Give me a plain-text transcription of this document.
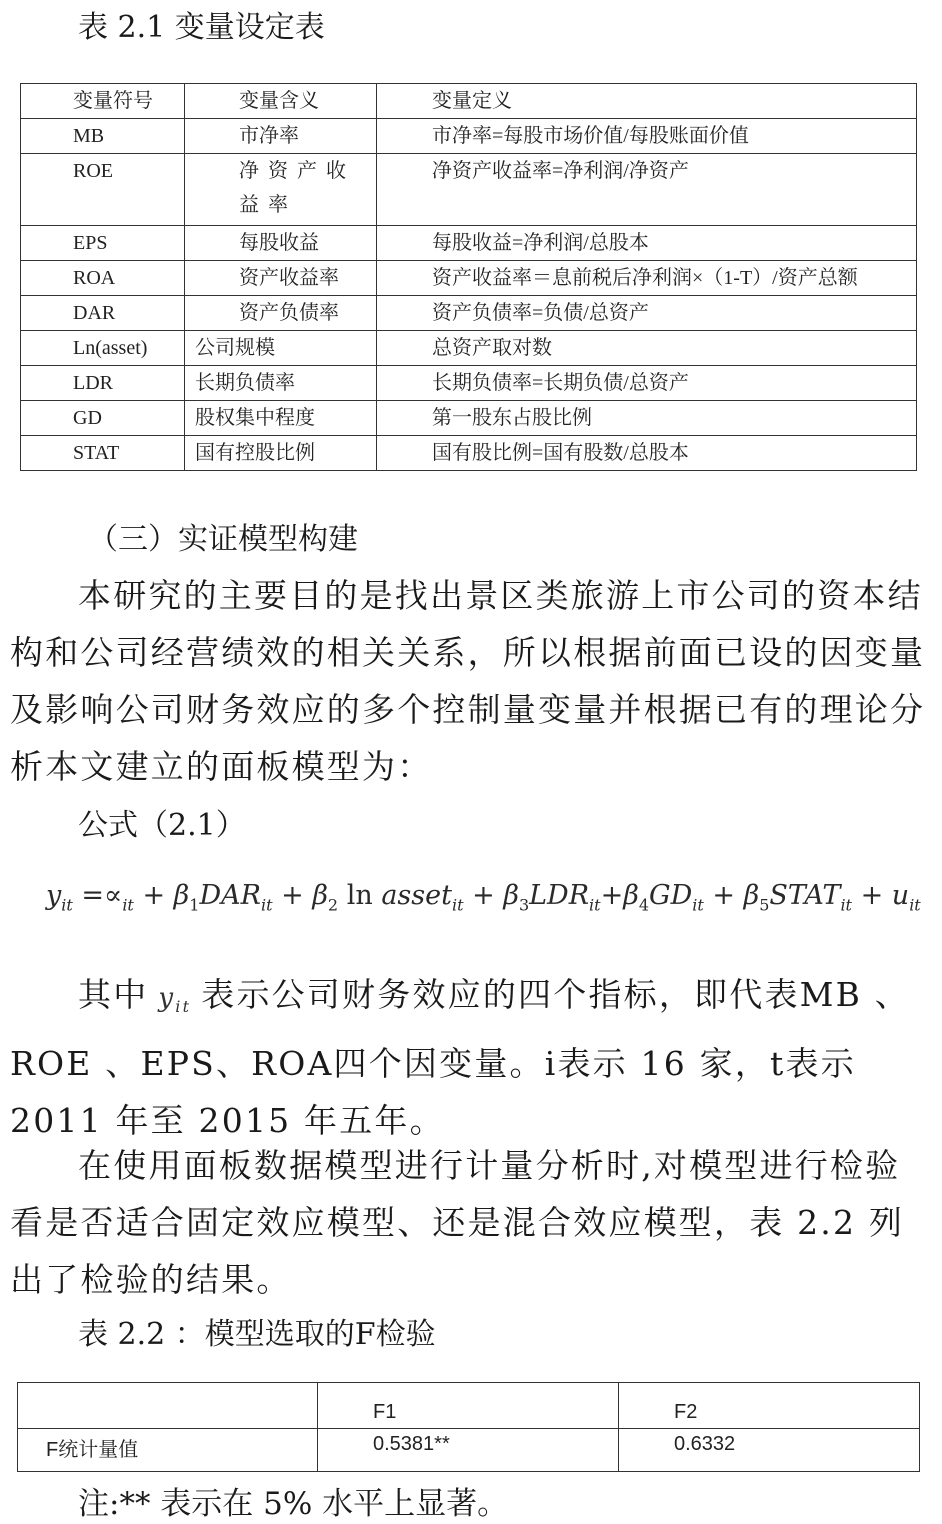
表 2.1 变量设定表
变量符号	变量含义	变量定义
MB	市净率	市净率=每股市场价值/每股账面价值
ROE	净资产收益率	净资产收益率=净利润/净资产
EPS	每股收益	每股收益=净利润/总股本
ROA	资产收益率	资产收益率＝息前税后净利润×（1-T）/资产总额
DAR	资产负债率	资产负债率=负债/总资产
Ln(asset)	公司规模	总资产取对数
LDR	长期负债率	长期负债率=长期负债/总资产
GD	股权集中程度	第一股东占股比例
STAT	国有控股比例	国有股比例=国有股数/总股本
（三）实证模型构建
本研究的主要目的是找出景区类旅游上市公司的资本结构和公司经营绩效的相关关系，所以根据前面已设的因变量及影响公司财务效应的多个控制量变量并根据已有的理论分析本文建立的面板模型为：
公式（2.1）
$y_{it} =\propto_{it} + \beta_1DAR_{it} + \beta_2$ ln asset$_{it}$ + $\beta_3LDR_{it}+\beta_4GD_{it}$ + $\beta_5STAT_{it} + u_{it}$
其中 $y_{it}$ 表示公司财务效应的四个指标，即代表MB 、ROE 、EPS、ROA四个因变量。i表示 16 家，t表示 2011 年至 2015 年五年。
在使用面板数据模型进行计量分析时,对模型进行检验看是否适合固定效应模型、还是混合效应模型，表 2.2 列出了检验的结果。
表 2.2 ：模型选取的F检验
	F1	F2
F统计量值	0.5381**	0.6332
注:** 表示在 5% 水平上显著。
